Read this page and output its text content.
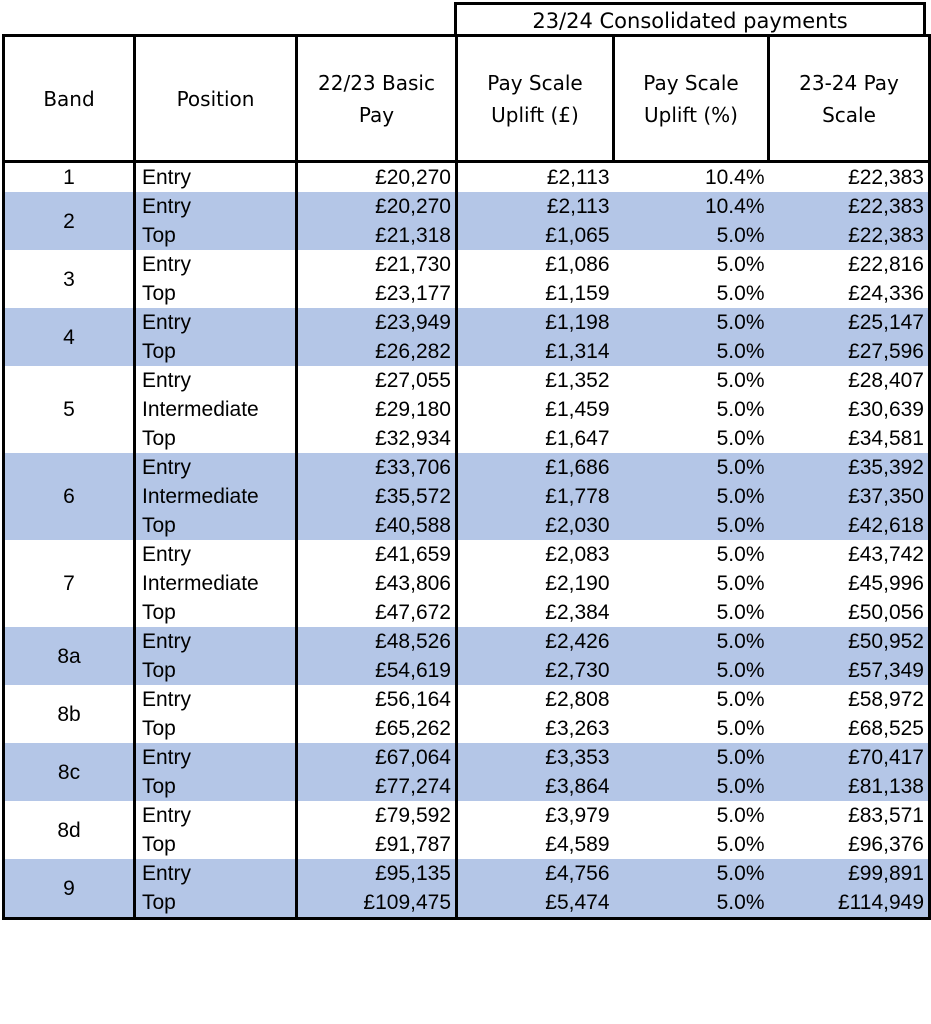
23/24 Consolidated payments
Band	Position	22/23 Basic Pay	Pay Scale Uplift (£)	Pay Scale Uplift (%)	23-24 Pay Scale
1	Entry	£20,270	£2,113	10.4%	£22,383
2	Entry	£20,270	£2,113	10.4%	£22,383
	Top	£21,318	£1,065	5.0%	£22,383
3	Entry	£21,730	£1,086	5.0%	£22,816
	Top	£23,177	£1,159	5.0%	£24,336
4	Entry	£23,949	£1,198	5.0%	£25,147
	Top	£26,282	£1,314	5.0%	£27,596
5	Entry	£27,055	£1,352	5.0%	£28,407
	Intermediate	£29,180	£1,459	5.0%	£30,639
	Top	£32,934	£1,647	5.0%	£34,581
6	Entry	£33,706	£1,686	5.0%	£35,392
	Intermediate	£35,572	£1,778	5.0%	£37,350
	Top	£40,588	£2,030	5.0%	£42,618
7	Entry	£41,659	£2,083	5.0%	£43,742
	Intermediate	£43,806	£2,190	5.0%	£45,996
	Top	£47,672	£2,384	5.0%	£50,056
8a	Entry	£48,526	£2,426	5.0%	£50,952
	Top	£54,619	£2,730	5.0%	£57,349
8b	Entry	£56,164	£2,808	5.0%	£58,972
	Top	£65,262	£3,263	5.0%	£68,525
8c	Entry	£67,064	£3,353	5.0%	£70,417
	Top	£77,274	£3,864	5.0%	£81,138
8d	Entry	£79,592	£3,979	5.0%	£83,571
	Top	£91,787	£4,589	5.0%	£96,376
9	Entry	£95,135	£4,756	5.0%	£99,891
	Top	£109,475	£5,474	5.0%	£114,949
